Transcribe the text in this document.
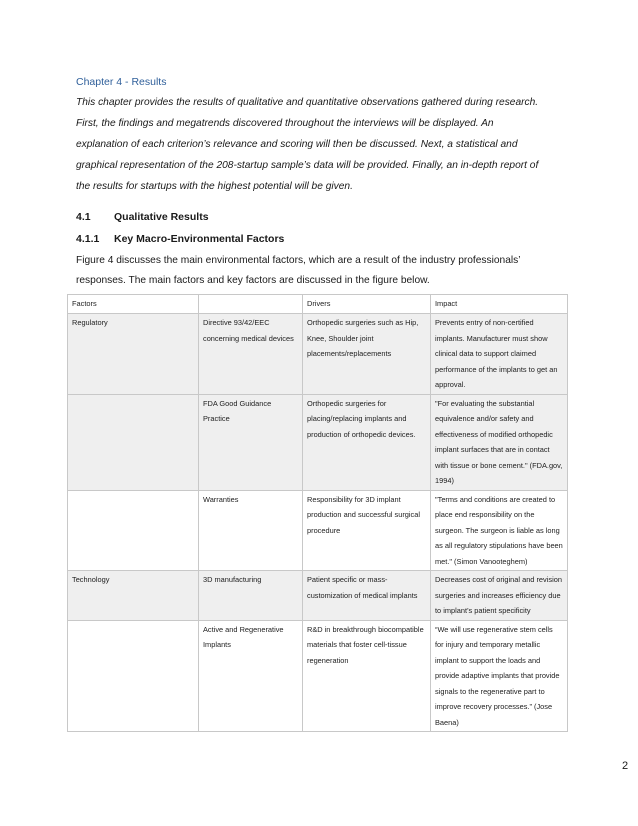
Chapter 4 - Results

This chapter provides the results of qualitative and quantitative observations gathered during research.
First, the findings and megatrends discovered throughout the interviews will be displayed. An
explanation of each criterion’s relevance and scoring will then be discussed. Next, a statistical and
graphical representation of the 208-startup sample’s data will be provided. Finally, an in-depth report of
the results for startups with the highest potential will be given.

4.1 Qualitative Results
4.1.1 Key Macro-Environmental Factors

Figure 4 discusses the main environmental factors, which are a result of the industry professionals’
responses. The main factors and key factors are discussed in the figure below.

Factors		Drivers	Impact
Regulatory	Directive 93/42/EEC concerning medical devices	Orthopedic surgeries such as Hip, Knee, Shoulder joint placements/replacements	Prevents entry of non-certified implants. Manufacturer must show clinical data to support claimed performance of the implants to get an approval.
	FDA Good Guidance Practice	Orthopedic surgeries for placing/replacing implants and production of orthopedic devices.	"For evaluating the substantial equivalence and/or safety and effectiveness of modified orthopedic implant surfaces that are in contact with tissue or bone cement." (FDA.gov, 1994)
	Warranties	Responsibility for 3D implant production and successful surgical procedure	"Terms and conditions are created to place end responsibility on the surgeon. The surgeon is liable as long as all regulatory stipulations have been met." (Simon Vanooteghem)
Technology	3D manufacturing	Patient specific or mass-customization of medical implants	Decreases cost of original and revision surgeries and increases efficiency due to implant’s patient specificity
	Active and Regenerative Implants	R&D in breakthrough biocompatible materials that foster cell-tissue regeneration	“We will use regenerative stem cells for injury and temporary metallic implant to support the loads and provide adaptive implants that provide signals to the regenerative part to improve recovery processes.” (Jose Baena)

2
